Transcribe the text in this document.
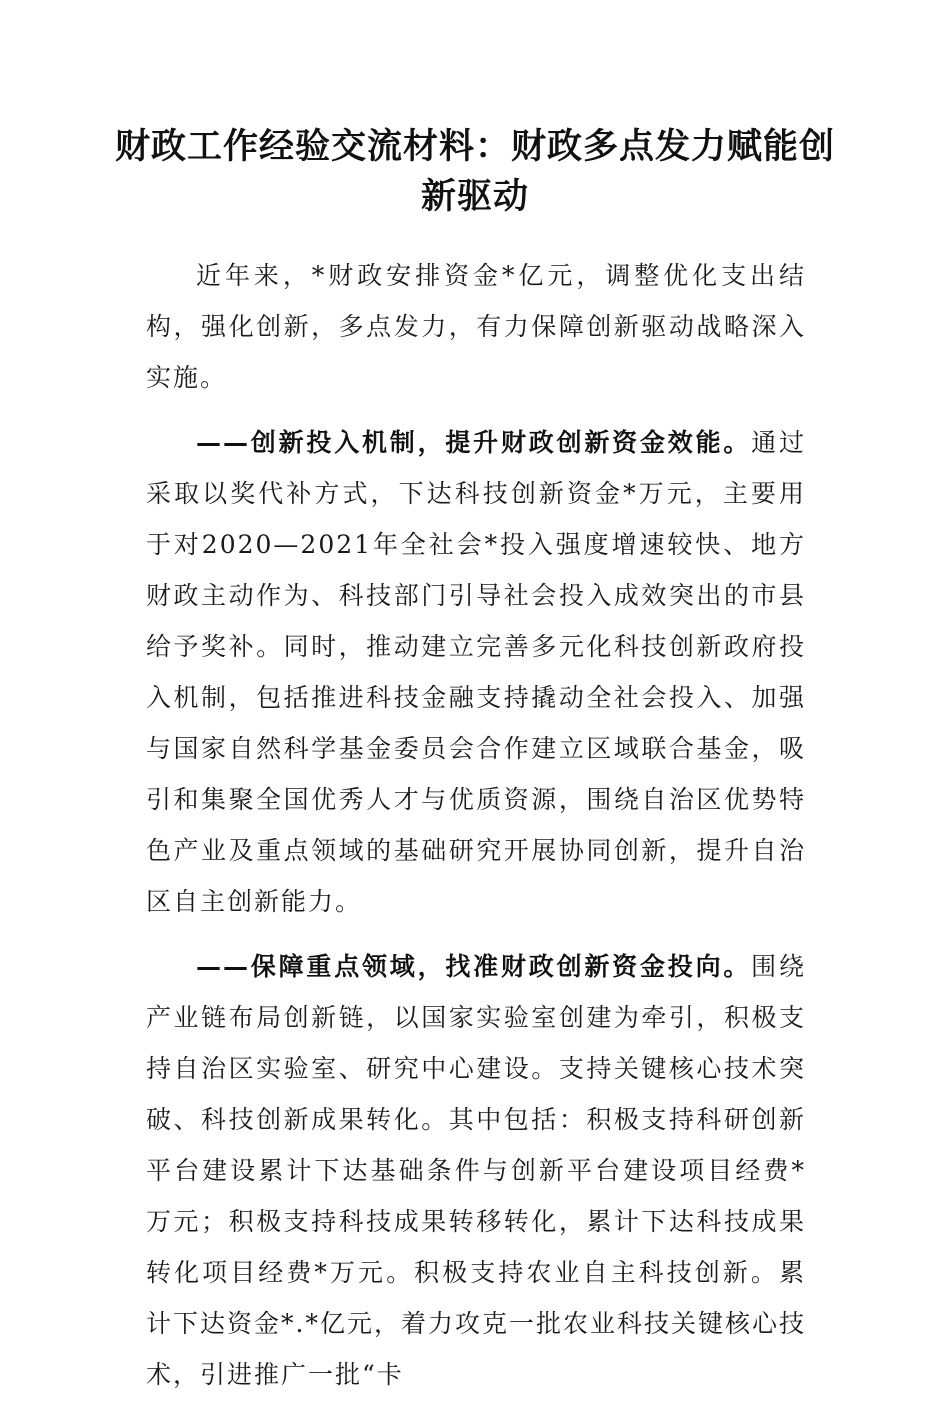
财政工作经验交流材料：财政多点发力赋能创新驱动

近年来，*财政安排资金*亿元，调整优化支出结构，强化创新，多点发力，有力保障创新驱动战略深入实施。

——创新投入机制，提升财政创新资金效能。通过采取以奖代补方式，下达科技创新资金*万元，主要用于对2020—2021年全社会*投入强度增速较快、地方财政主动作为、科技部门引导社会投入成效突出的市县给予奖补。同时，推动建立完善多元化科技创新政府投入机制，包括推进科技金融支持撬动全社会投入、加强与国家自然科学基金委员会合作建立区域联合基金，吸引和集聚全国优秀人才与优质资源，围绕自治区优势特色产业及重点领域的基础研究开展协同创新，提升自治区自主创新能力。

——保障重点领域，找准财政创新资金投向。围绕产业链布局创新链，以国家实验室创建为牵引，积极支持自治区实验室、研究中心建设。支持关键核心技术突破、科技创新成果转化。其中包括：积极支持科研创新平台建设累计下达基础条件与创新平台建设项目经费*万元；积极支持科技成果转移转化，累计下达科技成果转化项目经费*万元。积极支持农业自主科技创新。累计下达资金*.*亿元，着力攻克一批农业科技关键核心技术，引进推广一批“卡
